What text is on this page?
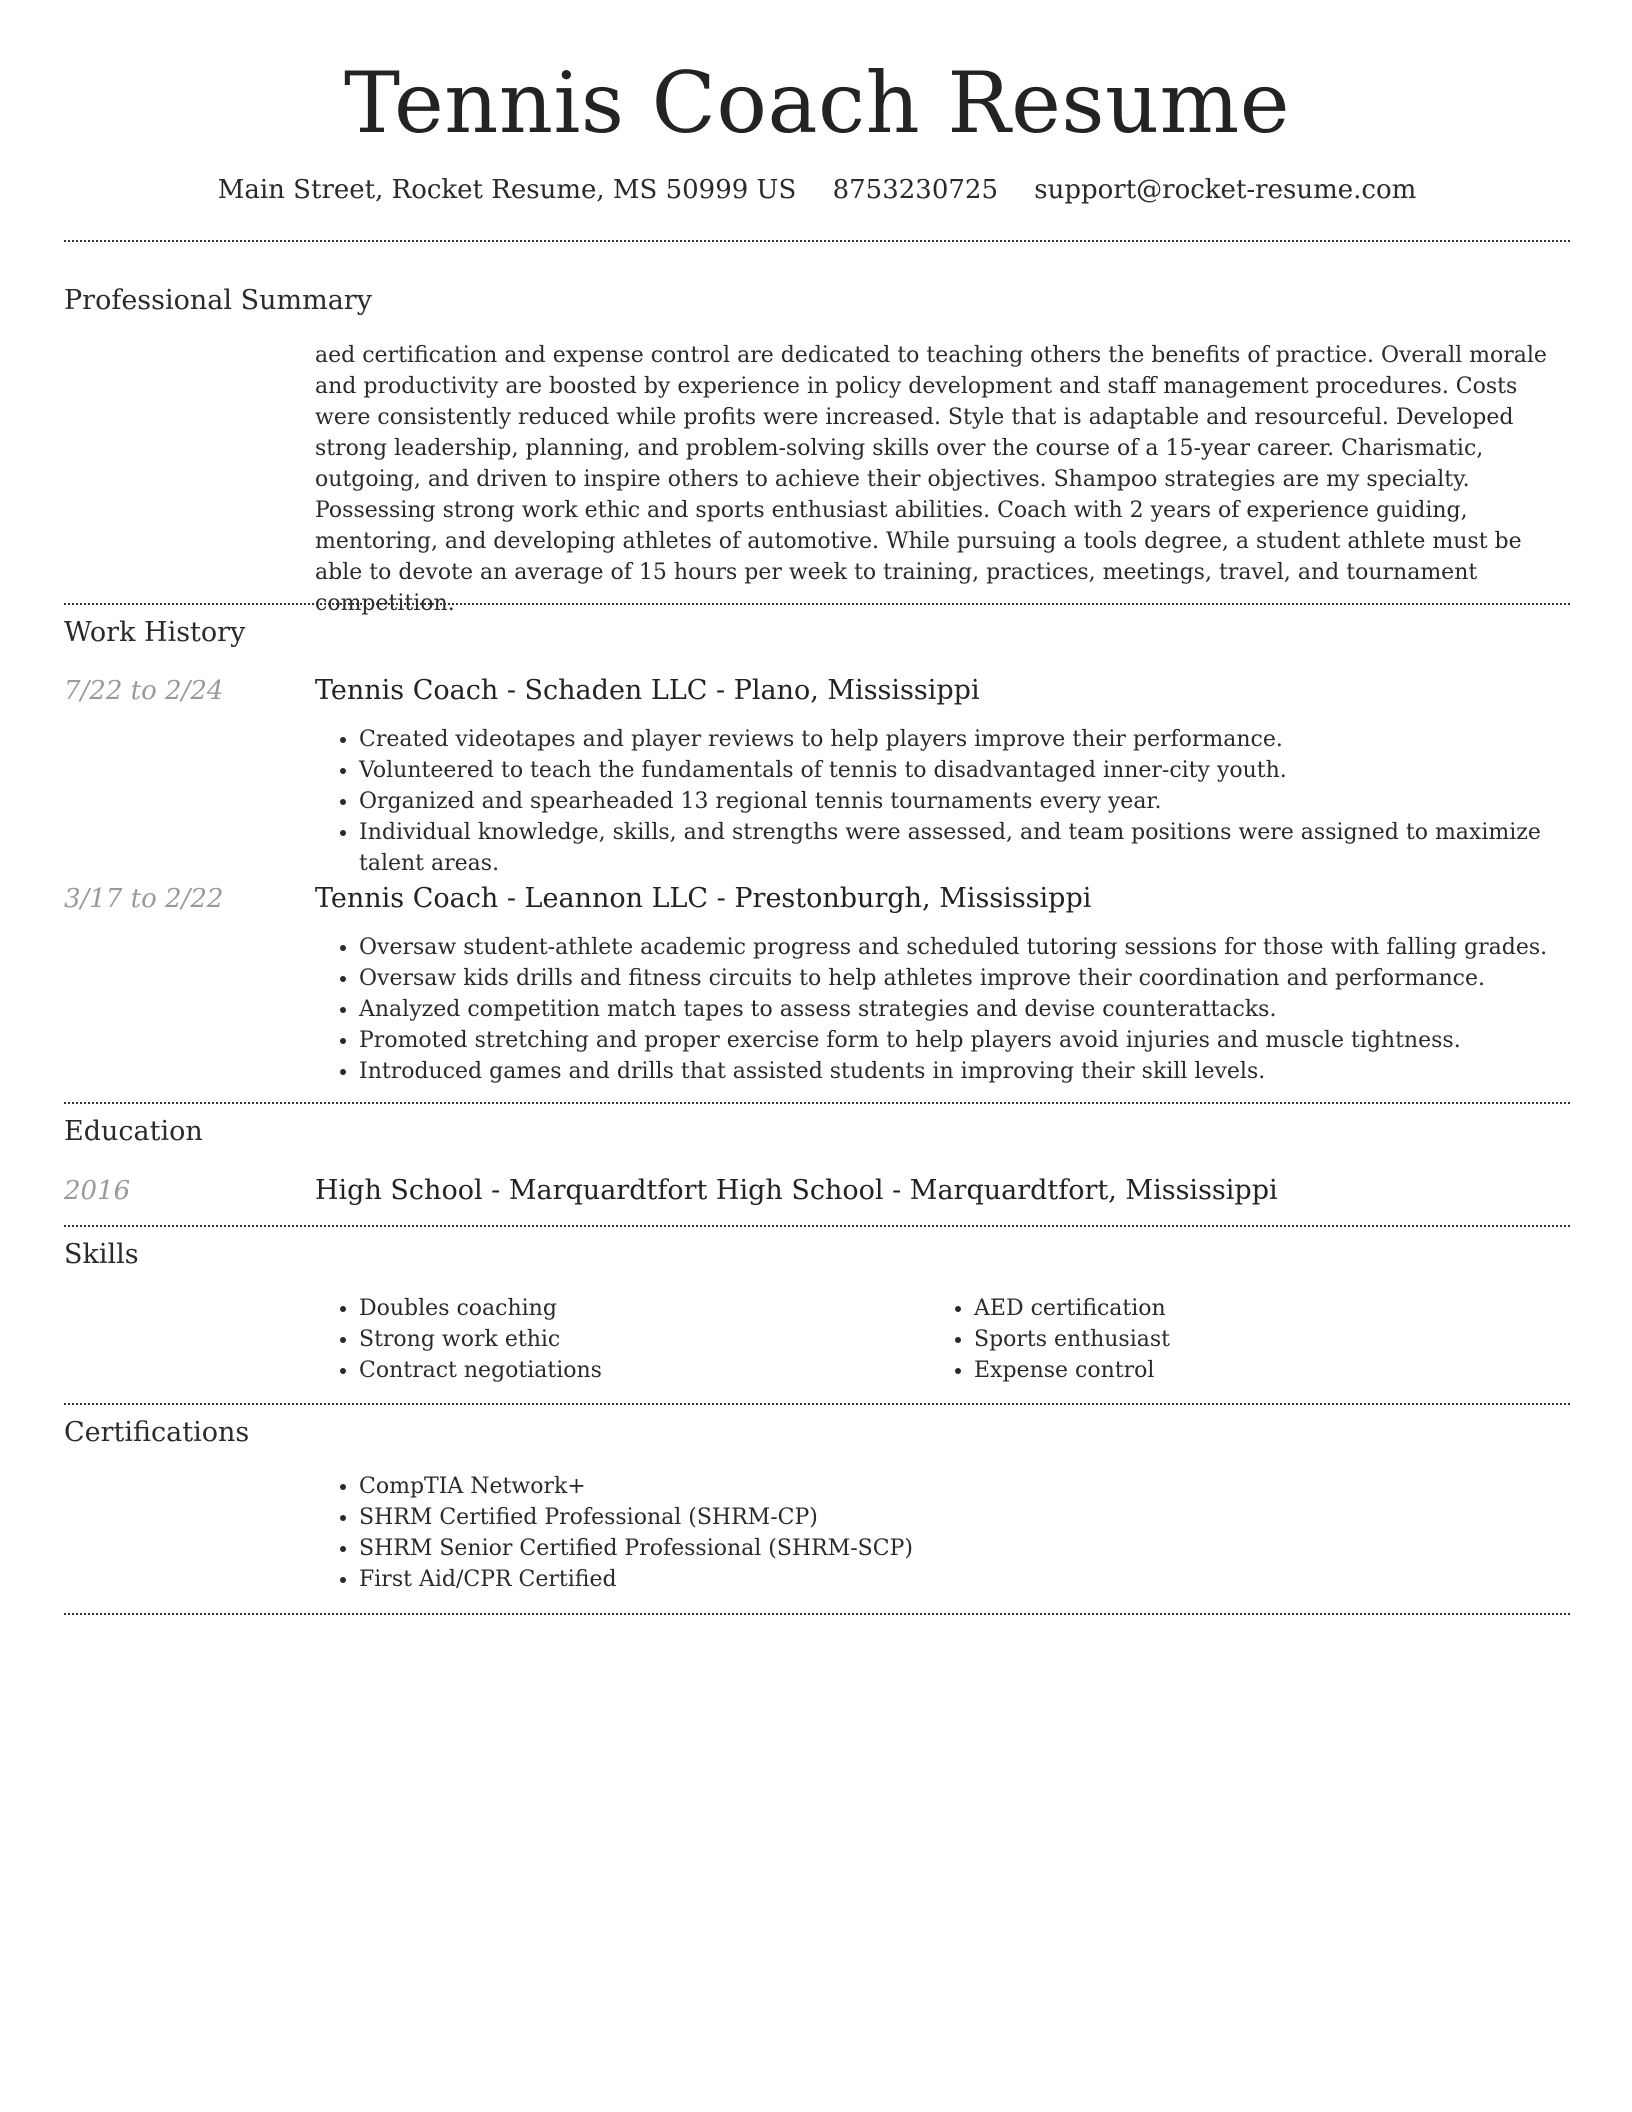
Tennis Coach Resume
Main Street, Rocket Resume, MS 50999 US 8753230725 support@rocket-resume.com
Professional Summary
aed certification and expense control are dedicated to teaching others the benefits of practice. Overall morale and productivity are boosted by experience in policy development and staff management procedures. Costs were consistently reduced while profits were increased. Style that is adaptable and resourceful. Developed strong leadership, planning, and problem-solving skills over the course of a 15-year career. Charismatic, outgoing, and driven to inspire others to achieve their objectives. Shampoo strategies are my specialty. Possessing strong work ethic and sports enthusiast abilities. Coach with 2 years of experience guiding, mentoring, and developing athletes of automotive. While pursuing a tools degree, a student athlete must be able to devote an average of 15 hours per week to training, practices, meetings, travel, and tournament competition.
Work History
7/22 to 2/24	Tennis Coach - Schaden LLC - Plano, Mississippi
• Created videotapes and player reviews to help players improve their performance.
• Volunteered to teach the fundamentals of tennis to disadvantaged inner-city youth.
• Organized and spearheaded 13 regional tennis tournaments every year.
• Individual knowledge, skills, and strengths were assessed, and team positions were assigned to maximize talent areas.
3/17 to 2/22	Tennis Coach - Leannon LLC - Prestonburgh, Mississippi
• Oversaw student-athlete academic progress and scheduled tutoring sessions for those with falling grades.
• Oversaw kids drills and fitness circuits to help athletes improve their coordination and performance.
• Analyzed competition match tapes to assess strategies and devise counterattacks.
• Promoted stretching and proper exercise form to help players avoid injuries and muscle tightness.
• Introduced games and drills that assisted students in improving their skill levels.
Education
2016	High School - Marquardtfort High School - Marquardtfort, Mississippi
Skills
• Doubles coaching
• Strong work ethic
• Contract negotiations
• AED certification
• Sports enthusiast
• Expense control
Certifications
• CompTIA Network+
• SHRM Certified Professional (SHRM-CP)
• SHRM Senior Certified Professional (SHRM-SCP)
• First Aid/CPR Certified
